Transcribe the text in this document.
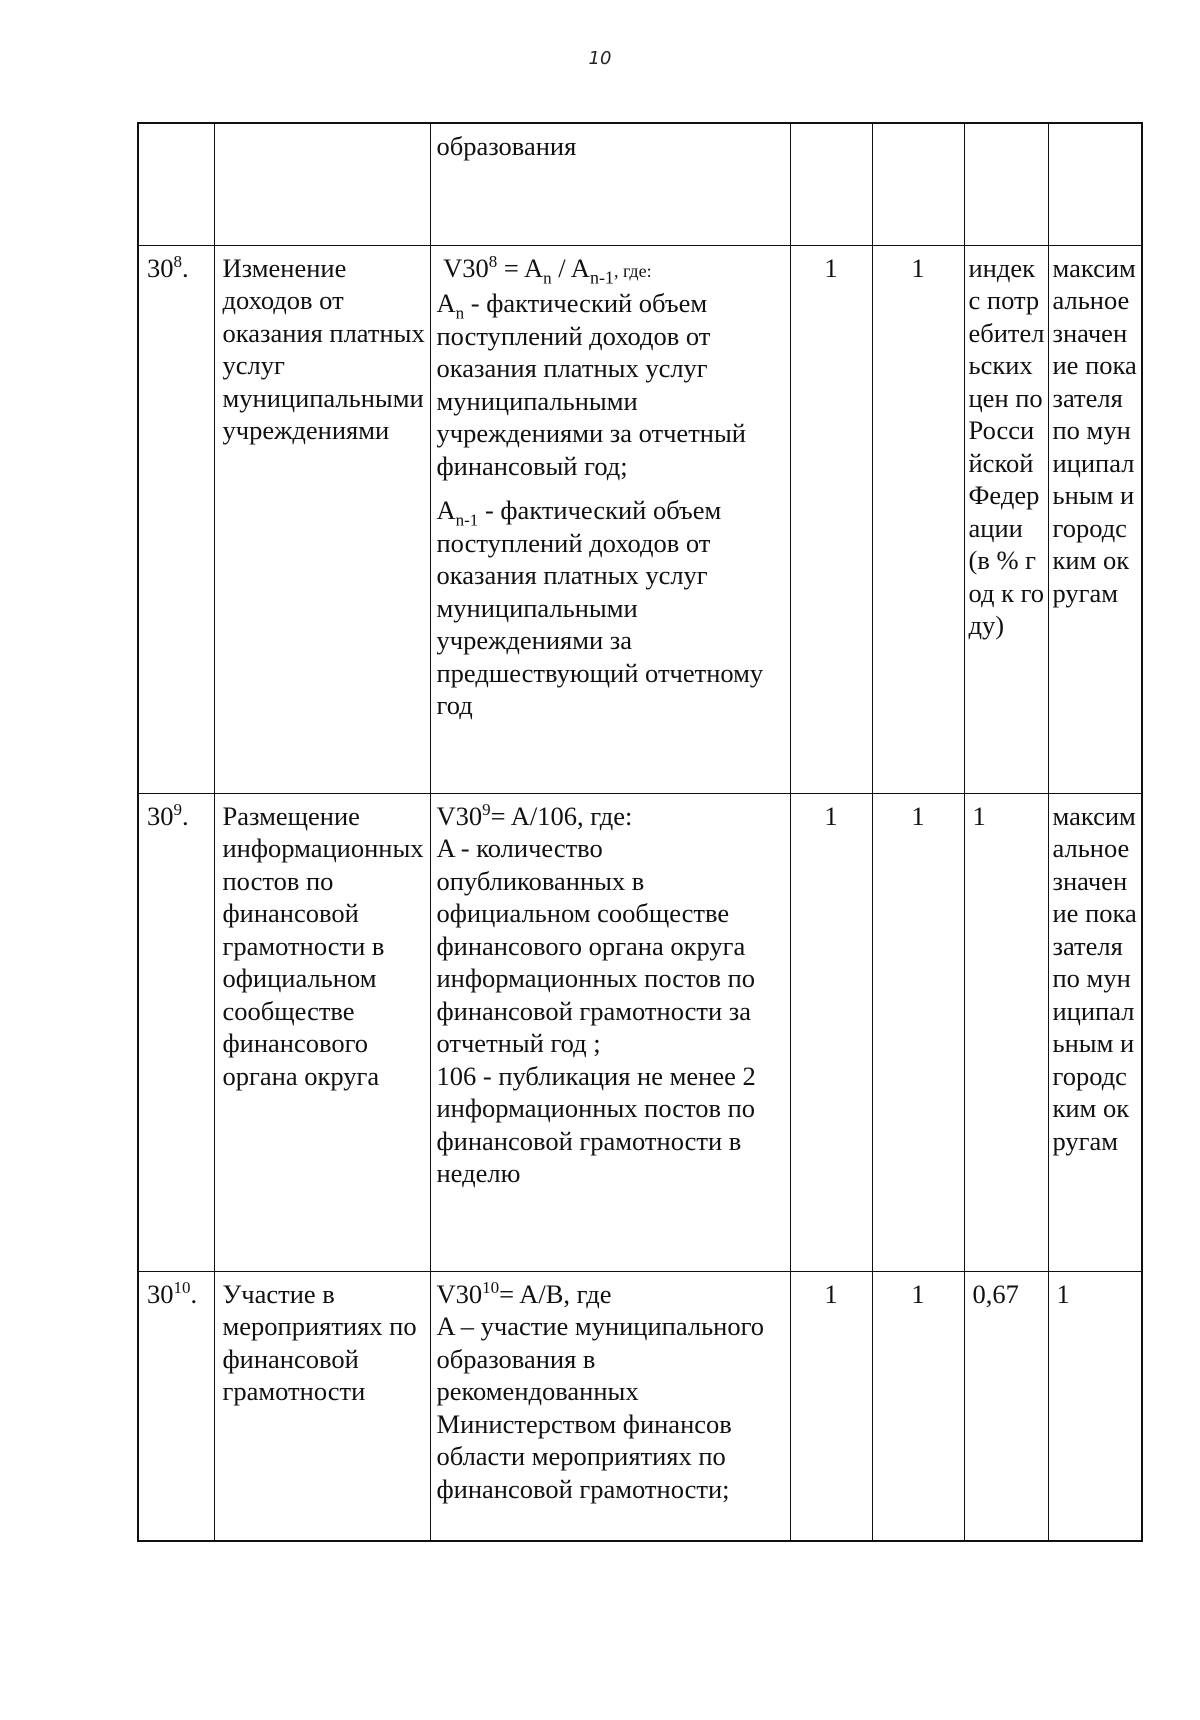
10
		образования				
$30^8$.	Изменение доходов от оказания платных услуг муниципальными учреждениями	$V30^8 = A_n / A_{n-1}$, где:
$A_n$ - фактический объем поступлений доходов от оказания платных услуг муниципальными учреждениями за отчетный финансовый год;
$A_{n-1}$ - фактический объем поступлений доходов от оказания платных услуг муниципальными учреждениями за предшествующий отчетному год	1	1	индекс потребительских цен по Российской Федерации (в % год к году)	максимальное значение показателя по муниципальным и городским округам
$30^9$.	Размещение информационных постов по финансовой грамотности в официальном сообществе финансового органа округа	$V30^9= A/106$, где:
A - количество опубликованных в официальном сообществе финансового органа округа информационных постов по финансовой грамотности за отчетный год ;
106 - публикация не менее 2 информационных постов по финансовой грамотности в неделю	1	1	1	максимальное значение показателя по муниципальным и городским округам
$30^{10}$.	Участие в мероприятиях по финансовой грамотности	$V30^{10}= A/B$, где
A – участие муниципального образования в рекомендованных Министерством финансов области мероприятиях по финансовой грамотности;	1	1	0,67	1
